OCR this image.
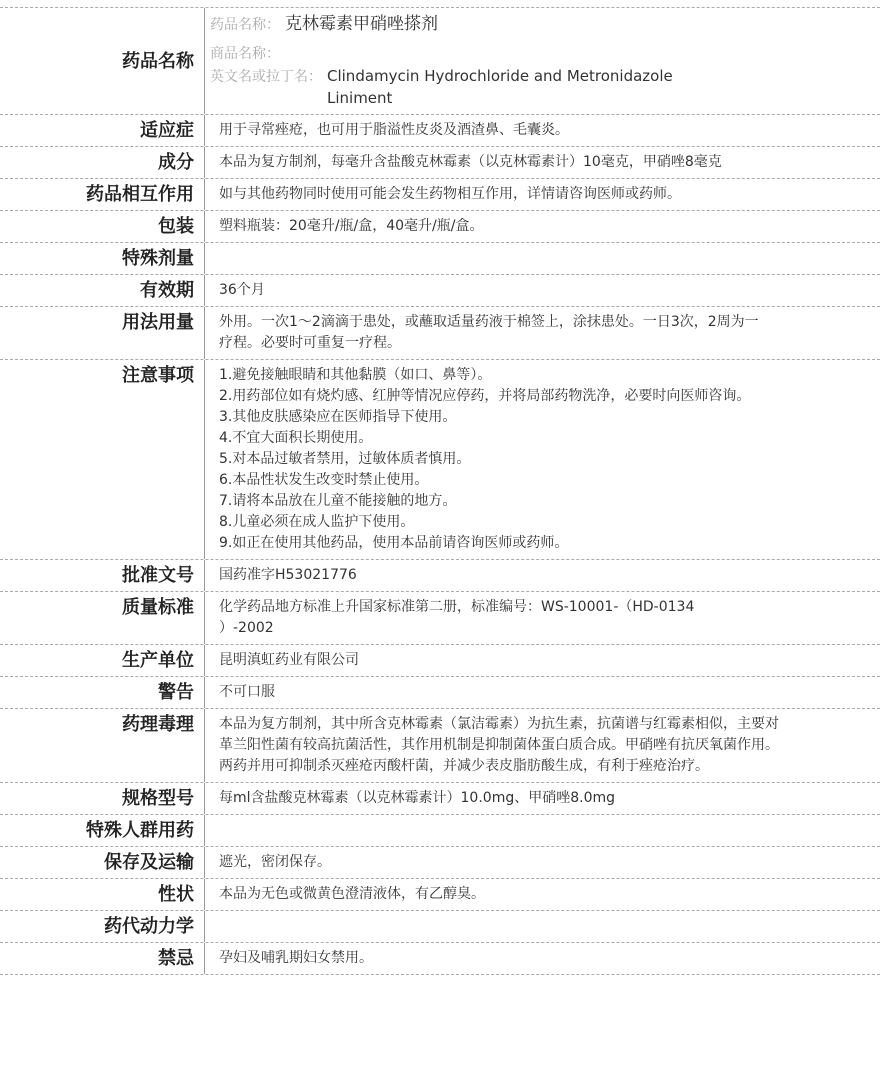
药品名称
药品名称： 克林霉素甲硝唑搽剂
商品名称：
英文名或拉丁名： Clindamycin Hydrochloride and Metronidazole
Liniment
适应症	用于寻常痤疮，也可用于脂溢性皮炎及酒渣鼻、毛囊炎。
成分	本品为复方制剂，每毫升含盐酸克林霉素（以克林霉素计）10毫克，甲硝唑8毫克
药品相互作用	如与其他药物同时使用可能会发生药物相互作用，详情请咨询医师或药师。
包装	塑料瓶装：20毫升/瓶/盒，40毫升/瓶/盒。
特殊剂量
有效期	36个月
用法用量	外用。一次1～2滴滴于患处，或蘸取适量药液于棉签上，涂抹患处。一日3次，2周为一
疗程。必要时可重复一疗程。
注意事项	1.避免接触眼睛和其他黏膜（如口、鼻等）。
2.用药部位如有烧灼感、红肿等情况应停药，并将局部药物洗净，必要时向医师咨询。
3.其他皮肤感染应在医师指导下使用。
4.不宜大面积长期使用。
5.对本品过敏者禁用，过敏体质者慎用。
6.本品性状发生改变时禁止使用。
7.请将本品放在儿童不能接触的地方。
8.儿童必须在成人监护下使用。
9.如正在使用其他药品，使用本品前请咨询医师或药师。
批准文号	国药准字H53021776
质量标准	化学药品地方标准上升国家标准第二册，标准编号：WS-10001-（HD-0134
）-2002
生产单位	昆明滇虹药业有限公司
警告	不可口服
药理毒理	本品为复方制剂，其中所含克林霉素（氯洁霉素）为抗生素，抗菌谱与红霉素相似，主要对
革兰阳性菌有较高抗菌活性，其作用机制是抑制菌体蛋白质合成。甲硝唑有抗厌氧菌作用。
两药并用可抑制杀灭痤疮丙酸杆菌，并减少表皮脂肪酸生成，有利于痤疮治疗。
规格型号	每ml含盐酸克林霉素（以克林霉素计）10.0mg、甲硝唑8.0mg
特殊人群用药
保存及运输	遮光，密闭保存。
性状	本品为无色或微黄色澄清液体，有乙醇臭。
药代动力学
禁忌	孕妇及哺乳期妇女禁用。
